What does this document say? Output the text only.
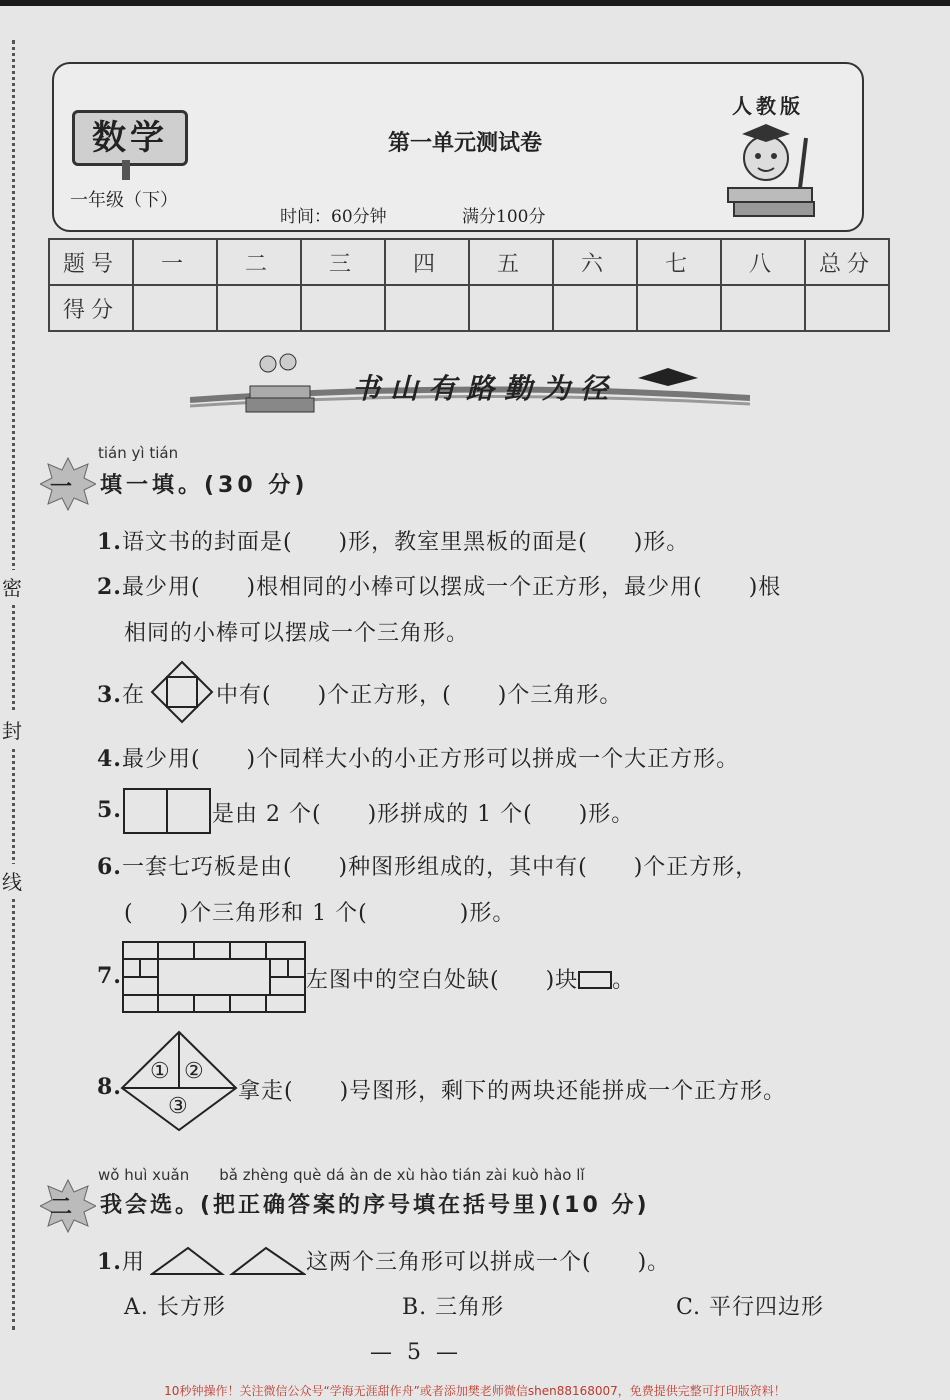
密
封
线
数学
一年级（下）
第一单元测试卷
时间：60分钟	满分100分
人教版
题号	一	二	三	四	五	六	七	八	总分
得分									
书山有路勤为径
一
tián yì tián
填一填。(30 分)
1.语文书的封面是(　　)形，教室里黑板的面是(　　)形。
2.最少用(　　)根相同的小棒可以摆成一个正方形，最少用(　　)根
相同的小棒可以摆成一个三角形。
3.在	中有(　　)个正方形，(　　)个三角形。
4.最少用(　　)个同样大小的小正方形可以拼成一个大正方形。
5.	是由 2 个(　　)形拼成的 1 个(　　)形。
6.一套七巧板是由(　　)种图形组成的，其中有(　　)个正方形，
(　　)个三角形和 1 个(　　　　)形。
7.	左图中的空白处缺(　　)块 。
8.
① ②
③
拿走(　　)号图形，剩下的两块还能拼成一个正方形。
二
wǒ huì xuǎn　　bǎ zhèng què dá àn de xù hào tián zài kuò hào lǐ
我会选。(把正确答案的序号填在括号里)(10 分)
1.用	这两个三角形可以拼成一个(　　)。
A. 长方形	B. 三角形	C. 平行四边形
— 5 —
10秒钟操作！关注微信公众号“学海无涯甜作舟”或者添加樊老师微信shen88168007，免费提供完整可打印版资料！
